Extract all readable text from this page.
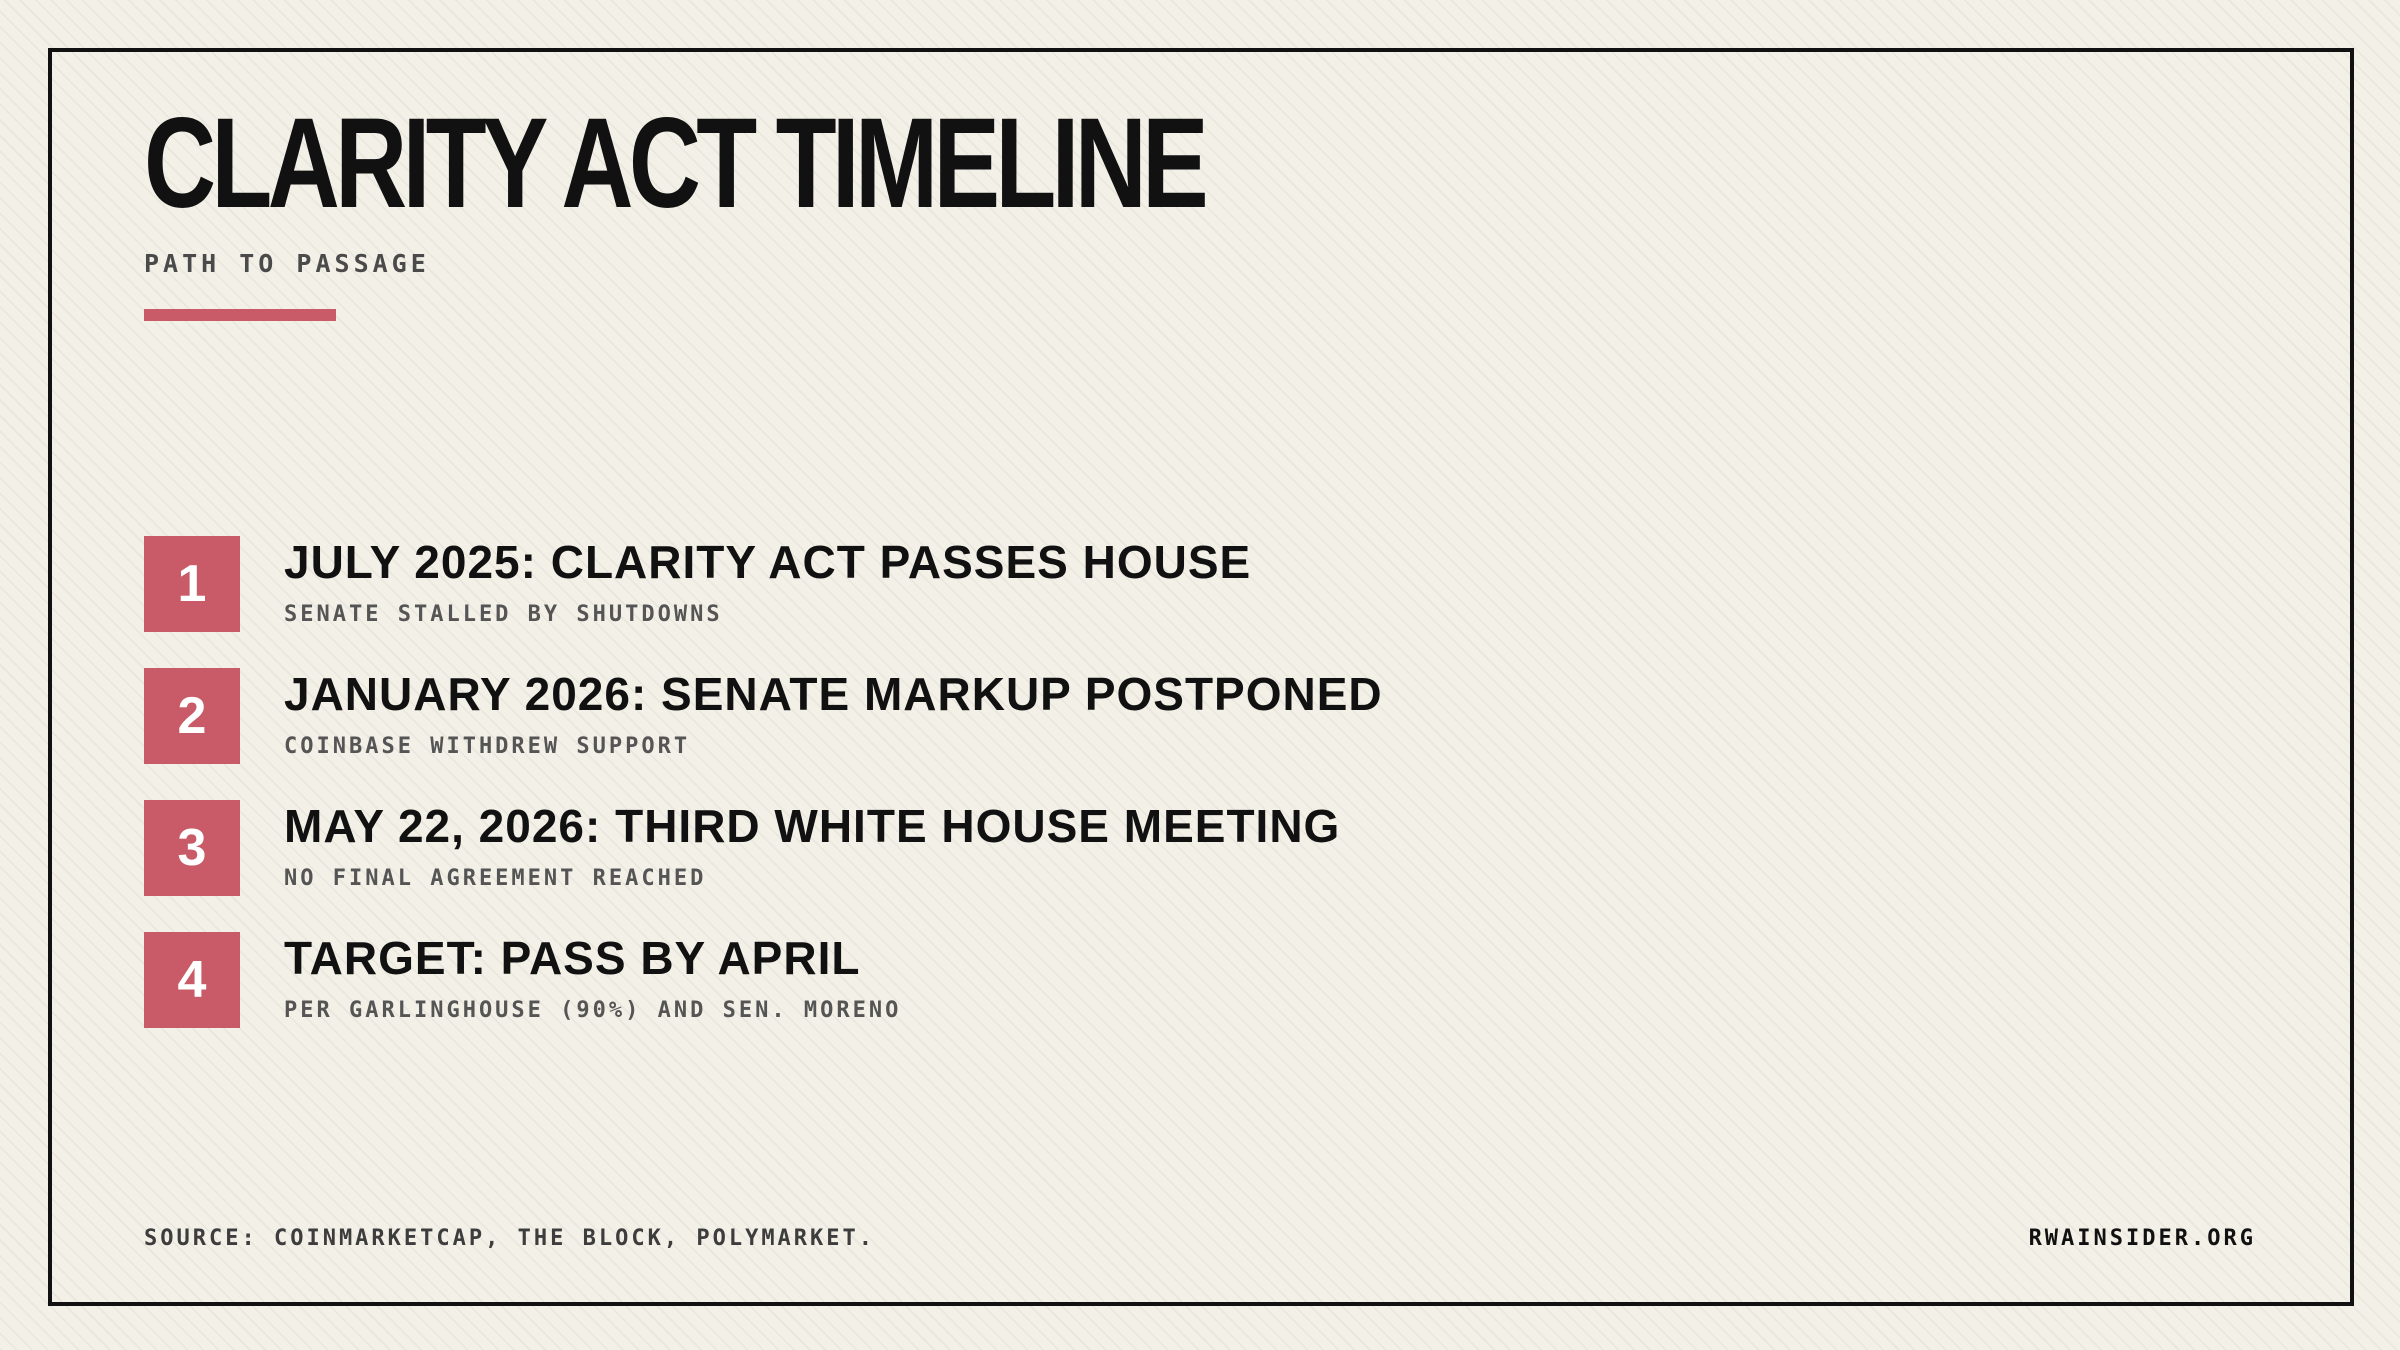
CLARITY ACT TIMELINE
PATH TO PASSAGE
1	JULY 2025: CLARITY ACT PASSES HOUSE
SENATE STALLED BY SHUTDOWNS
2	JANUARY 2026: SENATE MARKUP POSTPONED
COINBASE WITHDREW SUPPORT
3	MAY 22, 2026: THIRD WHITE HOUSE MEETING
NO FINAL AGREEMENT REACHED
4	TARGET: PASS BY APRIL
PER GARLINGHOUSE (90%) AND SEN. MORENO
SOURCE: COINMARKETCAP, THE BLOCK, POLYMARKET.	RWAINSIDER.ORG
